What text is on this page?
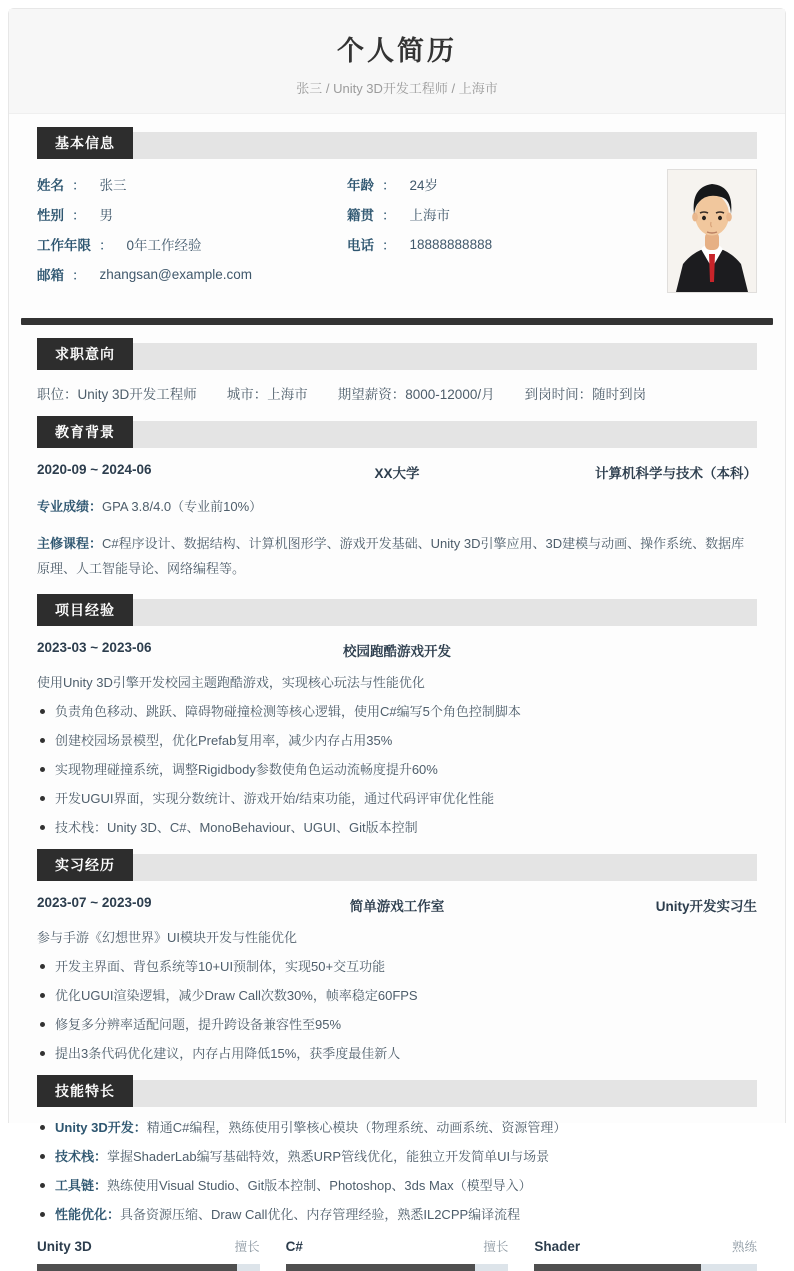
个人简历
张三 / Unity 3D开发工程师 / 上海市
基本信息
姓名 ： 张三
性别 ： 男
工作年限 ： 0年工作经验
邮箱 ： zhangsan@example.com
年龄 ： 24岁
籍贯 ： 上海市
电话 ： 18888888888
求职意向
职位：Unity 3D开发工程师 城市：上海市 期望薪资：8000-12000/月 到岗时间：随时到岗
教育背景
2020-09 ~ 2024-06	XX大学	计算机科学与技术（本科）
专业成绩：GPA 3.8/4.0（专业前10%）
主修课程：C#程序设计、数据结构、计算机图形学、游戏开发基础、Unity 3D引擎应用、3D建模与动画、操作系统、数据库原理、人工智能导论、网络编程等。
项目经验
2023-03 ~ 2023-06	校园跑酷游戏开发
使用Unity 3D引擎开发校园主题跑酷游戏，实现核心玩法与性能优化
负责角色移动、跳跃、障碍物碰撞检测等核心逻辑，使用C#编写5个角色控制脚本
创建校园场景模型，优化Prefab复用率，减少内存占用35%
实现物理碰撞系统，调整Rigidbody参数使角色运动流畅度提升60%
开发UGUI界面，实现分数统计、游戏开始/结束功能，通过代码评审优化性能
技术栈：Unity 3D、C#、MonoBehaviour、UGUI、Git版本控制
实习经历
2023-07 ~ 2023-09	简单游戏工作室	Unity开发实习生
参与手游《幻想世界》UI模块开发与性能优化
开发主界面、背包系统等10+UI预制体，实现50+交互功能
优化UGUI渲染逻辑，减少Draw Call次数30%，帧率稳定60FPS
修复多分辨率适配问题，提升跨设备兼容性至95%
提出3条代码优化建议，内存占用降低15%，获季度最佳新人
技能特长
Unity 3D开发：精通C#编程，熟练使用引擎核心模块（物理系统、动画系统、资源管理）
技术栈：掌握ShaderLab编写基础特效，熟悉URP管线优化，能独立开发简单UI与场景
工具链：熟练使用Visual Studio、Git版本控制、Photoshop、3ds Max（模型导入）
性能优化：具备资源压缩、Draw Call优化、内存管理经验，熟悉IL2CPP编译流程
Unity 3D	擅长 C#	擅长 Shader	熟练
